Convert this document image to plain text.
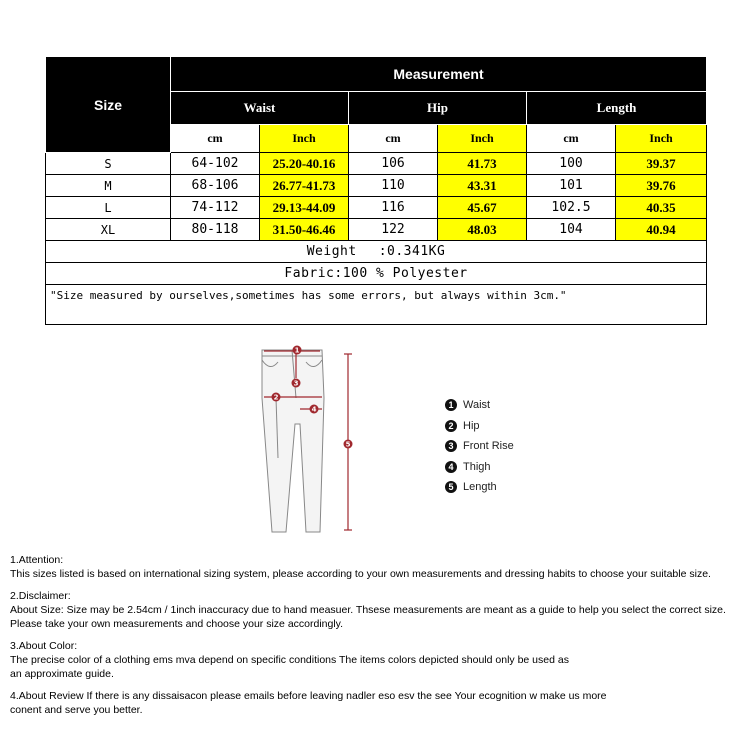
Size	Measurement					
	Waist		Hip		Length	
	cm	Inch	cm	Inch	cm	Inch
S	64-102	25.20-40.16	106	41.73	100	39.37
M	68-106	26.77-41.73	110	43.31	101	39.76
L	74-112	29.13-44.09	116	45.67	102.5	40.35
XL	80-118	31.50-46.46	122	48.03	104	40.94
Weight :0.341KG						
Fabric:100 % Polyester						
"Size measured by ourselves,sometimes has some errors, but always within 3cm."						
1
3
2
4
5
1 Waist
2 Hip
3 Front Rise
4 Thigh
5 Length

1.Attention:

This sizes listed is based on international sizing system, please according to your own measurements and dressing habits to choose your suitable size.

2.Disclaimer:

About Size: Size may be 2.54cm / 1inch inaccuracy due to hand measuer. Thsese measurements are meant as a guide to help you select the correct size.

Please take your own measurements and choose your size accordingly.

3.About Color:

The precise color of a clothing ems mva depend on specific conditions The items colors depicted should only be used as

an approximate guide.

4.About Review If there is any dissaisacon please emails before leaving nadler eso esv the see Your ecognition w make us more

conent and serve you better.
